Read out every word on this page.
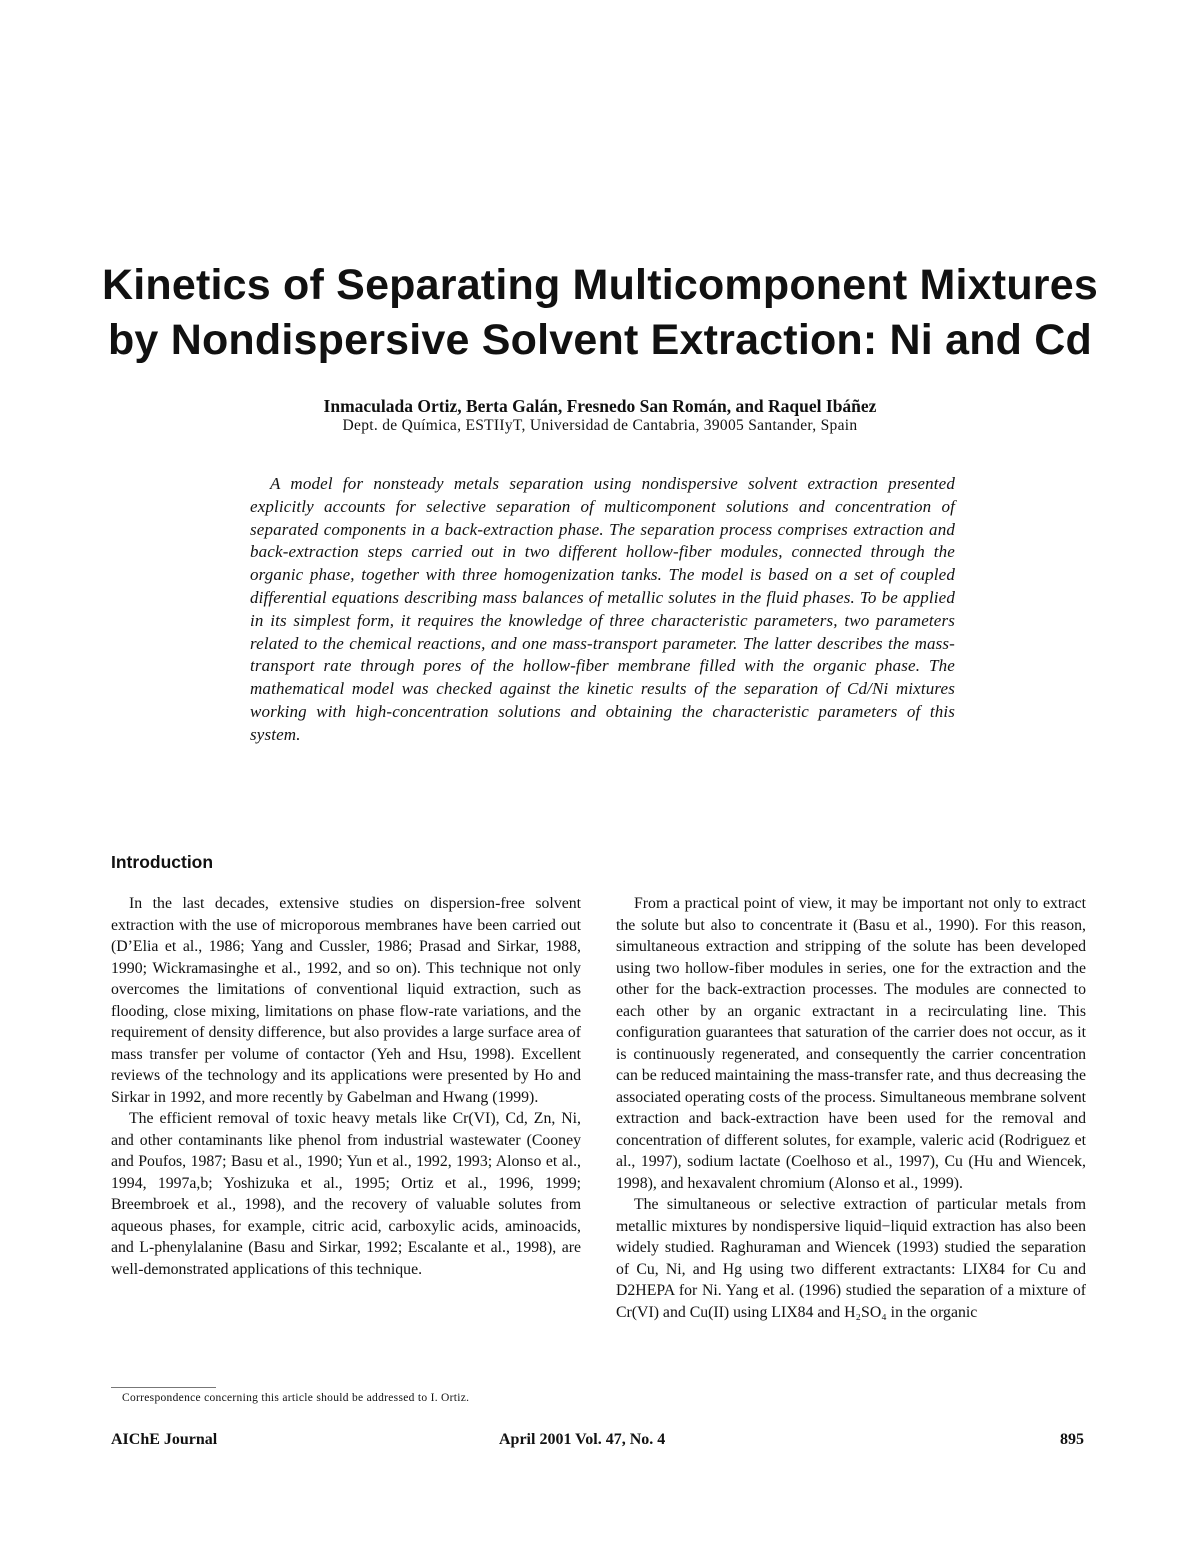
Kinetics of Separating Multicomponent Mixtures
by Nondispersive Solvent Extraction: Ni and Cd
Inmaculada Ortiz, Berta Galán, Fresnedo San Román, and Raquel Ibáñez
Dept. de Química, ESTIIyT, Universidad de Cantabria, 39005 Santander, Spain

A model for nonsteady metals separation using nondispersive solvent extraction presented explicitly accounts for selective separation of multicomponent solutions and concentration of separated components in a back-extraction phase. The separation process comprises extraction and back-extraction steps carried out in two different hollow-fiber modules, connected through the organic phase, together with three homogenization tanks. The model is based on a set of coupled differential equations describing mass balances of metallic solutes in the fluid phases. To be applied in its simplest form, it requires the knowledge of three characteristic parameters, two parameters related to the chemical reactions, and one mass-transport parameter. The latter describes the mass-transport rate through pores of the hollow-fiber membrane filled with the organic phase. The mathematical model was checked against the kinetic results of the separation of Cd/Ni mixtures working with high-concentration solutions and obtaining the characteristic parameters of this system.

Introduction

In the last decades, extensive studies on dispersion-free solvent extraction with the use of microporous membranes have been carried out (D’Elia et al., 1986; Yang and Cussler, 1986; Prasad and Sirkar, 1988, 1990; Wickramasinghe et al., 1992, and so on). This technique not only overcomes the limitations of conventional liquid extraction, such as flooding, close mixing, limitations on phase flow-rate variations, and the requirement of density difference, but also provides a large surface area of mass transfer per volume of contactor (Yeh and Hsu, 1998). Excellent reviews of the technology and its applications were presented by Ho and Sirkar in 1992, and more recently by Gabelman and Hwang (1999).

The efficient removal of toxic heavy metals like Cr(VI), Cd, Zn, Ni, and other contaminants like phenol from industrial wastewater (Cooney and Poufos, 1987; Basu et al., 1990; Yun et al., 1992, 1993; Alonso et al., 1994, 1997a,b; Yoshizuka et al., 1995; Ortiz et al., 1996, 1999; Breembroek et al., 1998), and the recovery of valuable solutes from aqueous phases, for example, citric acid, carboxylic acids, aminoacids, and L-phenylalanine (Basu and Sirkar, 1992; Escalante et al., 1998), are well-demonstrated applications of this technique.

From a practical point of view, it may be important not only to extract the solute but also to concentrate it (Basu et al., 1990). For this reason, simultaneous extraction and stripping of the solute has been developed using two hollow-fiber modules in series, one for the extraction and the other for the back-extraction processes. The modules are connected to each other by an organic extractant in a recirculating line. This configuration guarantees that saturation of the carrier does not occur, as it is continuously regenerated, and consequently the carrier concentration can be reduced maintaining the mass-transfer rate, and thus decreasing the associated operating costs of the process. Simultaneous membrane solvent extraction and back-extraction have been used for the removal and concentration of different solutes, for example, valeric acid (Rodriguez et al., 1997), sodium lactate (Coelhoso et al., 1997), Cu (Hu and Wiencek, 1998), and hexavalent chromium (Alonso et al., 1999).

The simultaneous or selective extraction of particular metals from metallic mixtures by nondispersive liquid−liquid extraction has also been widely studied. Raghuraman and Wiencek (1993) studied the separation of Cu, Ni, and Hg using two different extractants: LIX84 for Cu and D2HEPA for Ni. Yang et al. (1996) studied the separation of a mixture of Cr(VI) and Cu(II) using LIX84 and H₂SO₄ in the organic

Correspondence concerning this article should be addressed to I. Ortiz.
AIChE Journal	April 2001 Vol. 47, No. 4	895
